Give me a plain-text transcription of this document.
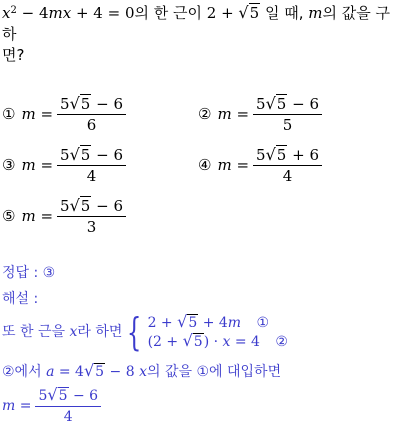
$x^2 - 4mx + 4 = 0$의 한 근이 2 + √5 일 때, m의 값을 구하
면?
① $m = \frac{5√5 - 6}{6}$	② $m = \frac{5√5 - 6}{5}$
③ $m = \frac{5√5 - 6}{4}$	④ $m = \frac{5√5 + 6}{4}$
⑤ $m = \frac{5√5 - 6}{3}$
정답 : ③
해설 :
또 한 근을
x 라 하면 { 2 + √5 + 4m ①
(2 + √5) · x = 4 ②
②에서 a = 4√5 − 8 x의 값을 ①에 대입하면
$m = \frac{5√5 - 6}{4}$
